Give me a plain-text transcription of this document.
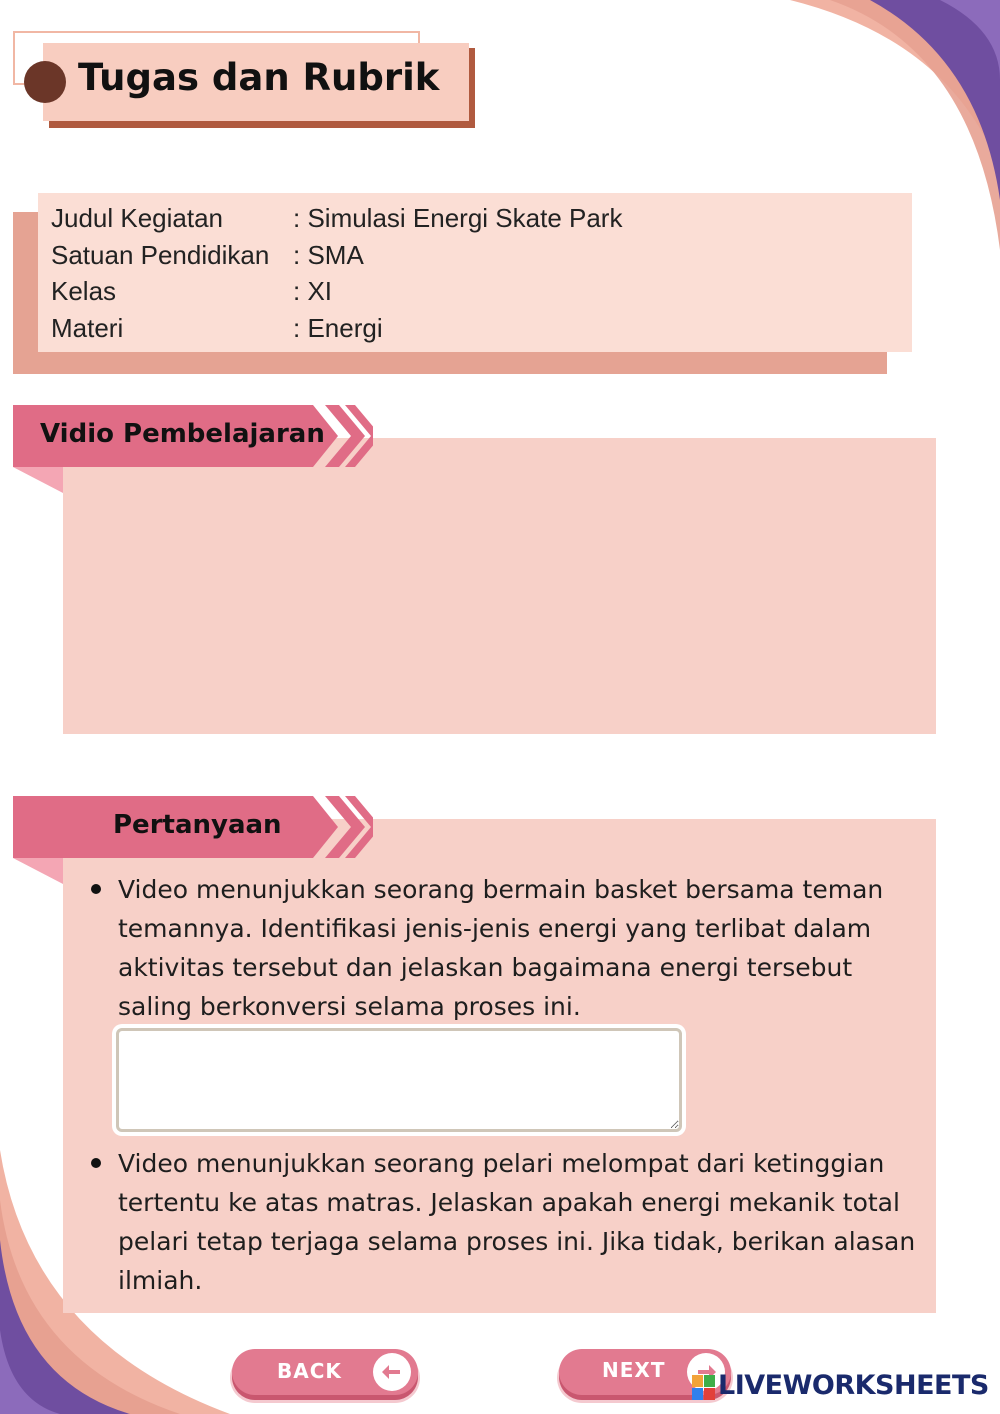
Tugas dan Rubrik
Judul Kegiatan	: Simulasi Energi Skate Park
Satuan Pendidikan : SMA
Kelas	: XI
Materi	: Energi
Vidio Pembelajaran
Pertanyaan
Video menunjukkan seorang bermain basket bersama teman temannya. Identifikasi jenis-jenis energi yang terlibat dalam aktivitas tersebut dan jelaskan bagaimana energi tersebut saling berkonversi selama proses ini.
Video menunjukkan seorang pelari melompat dari ketinggian tertentu ke atas matras. Jelaskan apakah energi mekanik total pelari tetap terjaga selama proses ini. Jika tidak, berikan alasan ilmiah.
BACK	NEXT LIVEWORKSHEETS
